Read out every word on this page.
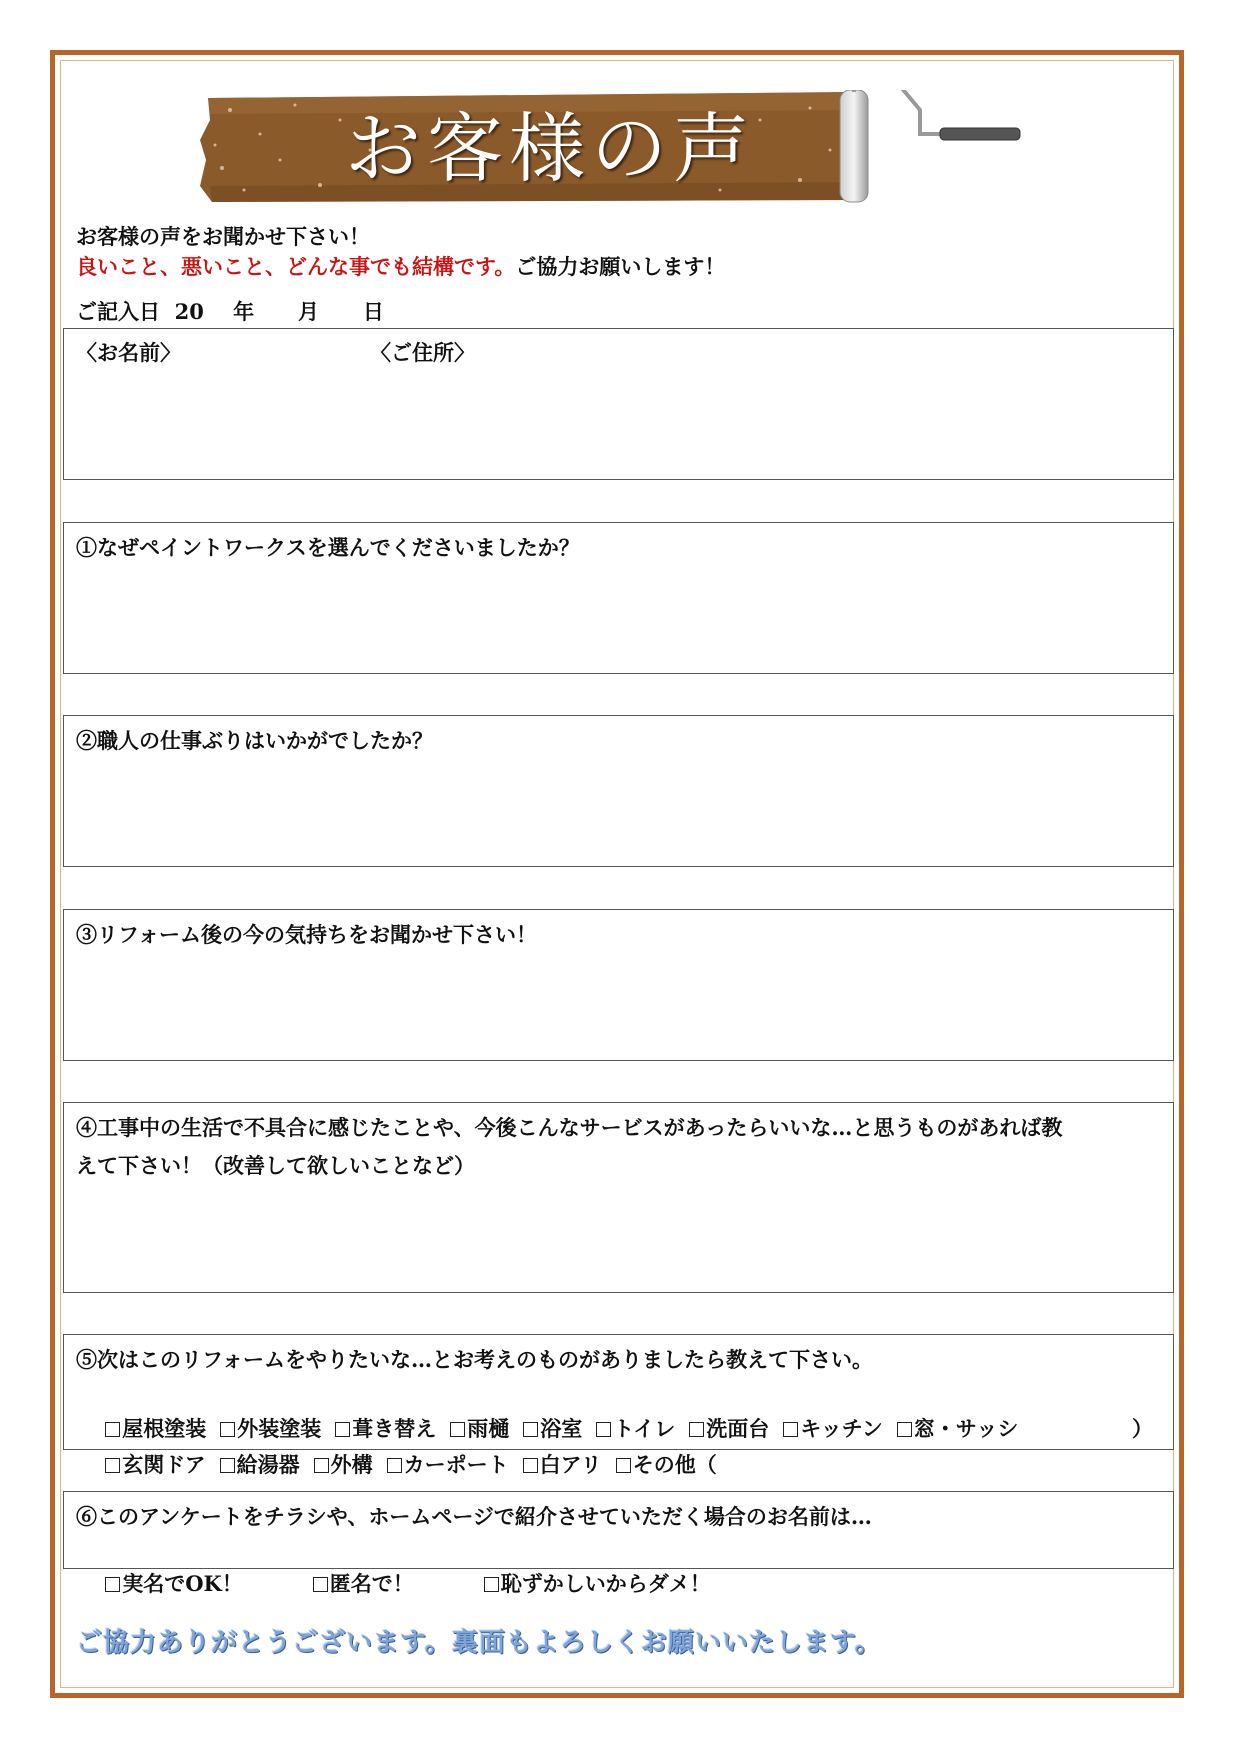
お客様の声
お客様の声をお聞かせ下さい！
良いこと、悪いこと、どんな事でも結構です。ご協力お願いします！
ご記入日 20 年 月 日
〈お名前〉	〈ご住所〉
①なぜペイントワークスを選んでくださいましたか？
②職人の仕事ぶりはいかがでしたか？
③リフォーム後の今の気持ちをお聞かせ下さい！
④工事中の生活で不具合に感じたことや、今後こんなサービスがあったらいいな…と思うものがあれば教
えて下さい！（改善して欲しいことなど）
⑤次はこのリフォームをやりたいな…とお考えのものがありましたら教えて下さい。

屋根塗装 外装塗装 葺き替え 雨樋 浴室 トイレ 洗面台 キッチン 窓・サッシ

玄関ドア 給湯器 外構 カーポート 白アリ その他（

）
⑥このアンケートをチラシや、ホームページで紹介させていただく場合のお名前は…

実名でOK！	匿名で！	恥ずかしいからダメ！

ご協力ありがとうございます。裏面もよろしくお願いいたします。
